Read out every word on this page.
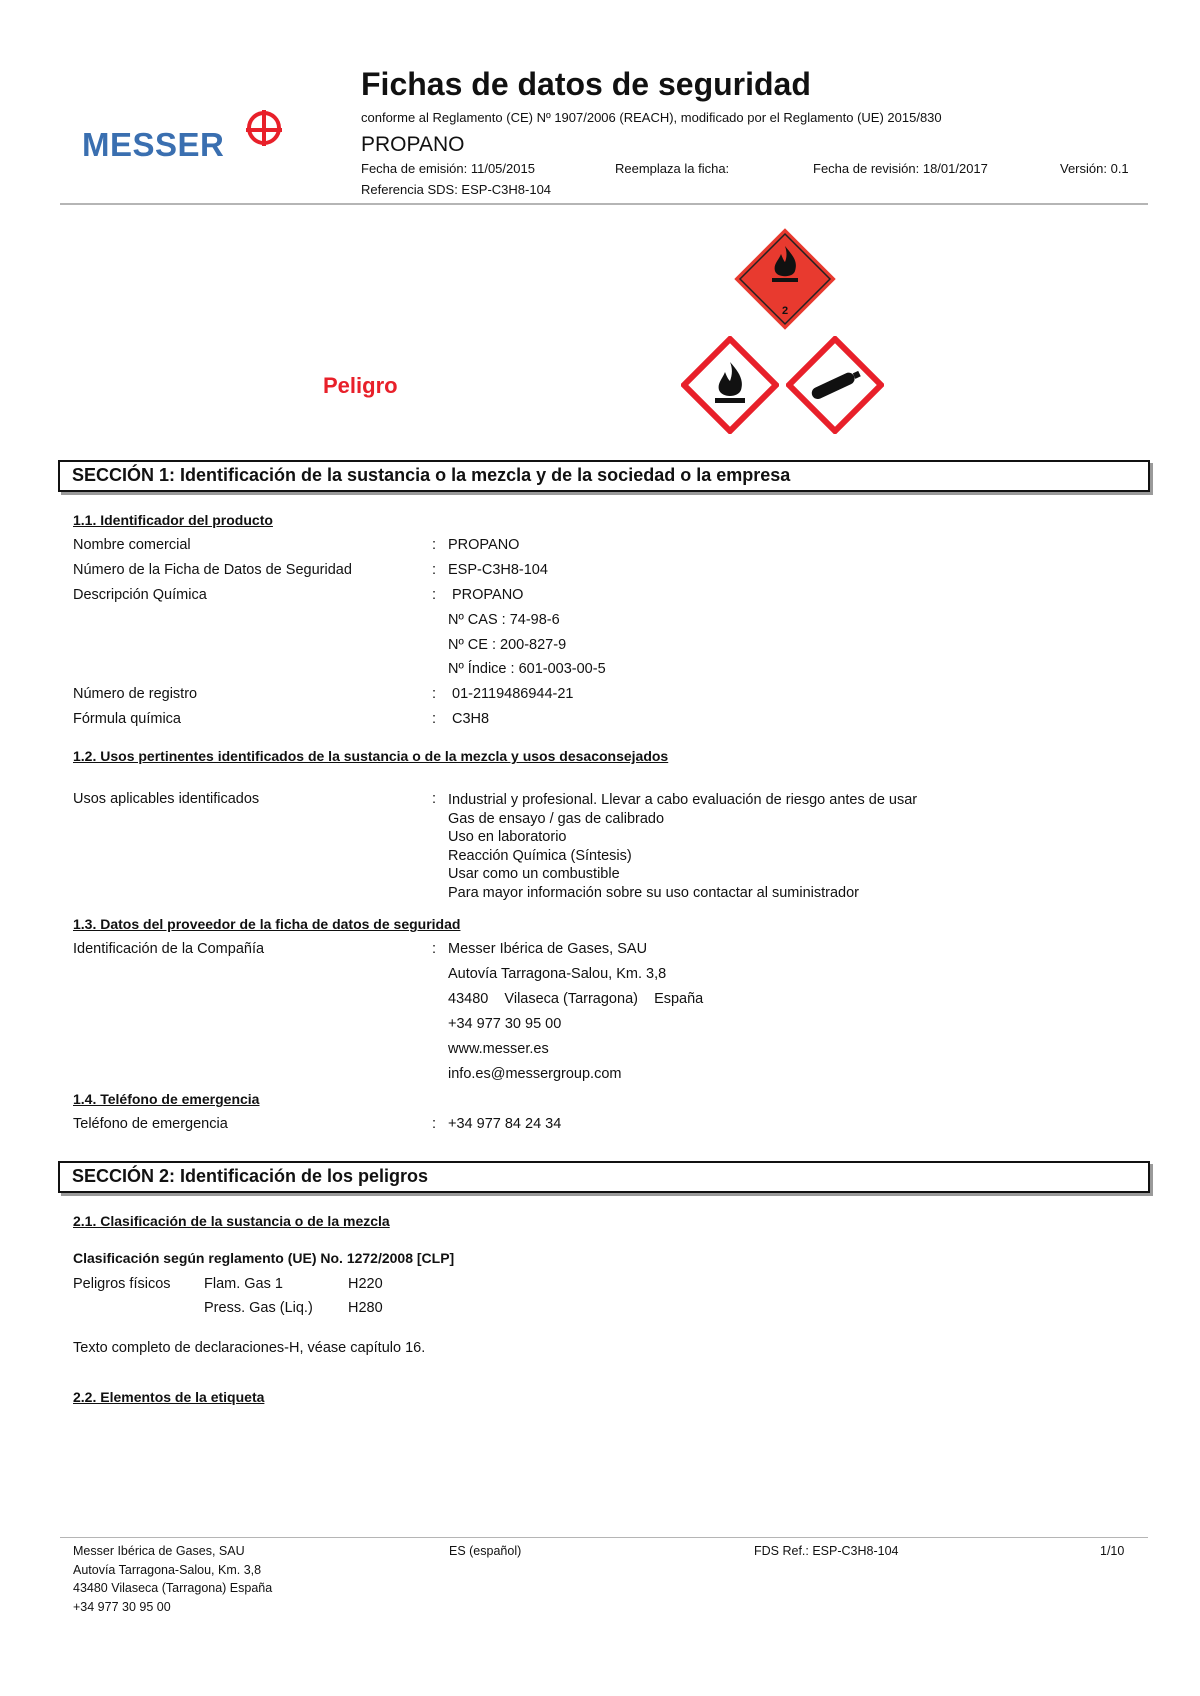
MESSER
Fichas de datos de seguridad
conforme al Reglamento (CE) Nº 1907/2006 (REACH), modificado por el Reglamento (UE) 2015/830
PROPANO
Fecha de emisión: 11/05/2015	Reemplaza la ficha:	Fecha de revisión: 18/01/2017	Versión: 0.1
Referencia SDS: ESP-C3H8-104
2
Peligro
SECCIÓN 1: Identificación de la sustancia o la mezcla y de la sociedad o la empresa
1.1. Identificador del producto
Nombre comercial	: PROPANO
Número de la Ficha de Datos de Seguridad	: ESP-C3H8-104
Descripción Química	: PROPANO
Nº CAS : 74-98-6
Nº CE : 200-827-9
Nº Índice : 601-003-00-5
Número de registro	: 01-2119486944-21
Fórmula química	: C3H8
1.2. Usos pertinentes identificados de la sustancia o de la mezcla y usos desaconsejados
Usos aplicables identificados	: Industrial y profesional. Llevar a cabo evaluación de riesgo antes de usar
Gas de ensayo / gas de calibrado
Uso en laboratorio
Reacción Química (Síntesis)
Usar como un combustible
Para mayor información sobre su uso contactar al suministrador
1.3. Datos del proveedor de la ficha de datos de seguridad
Identificación de la Compañía	: Messer Ibérica de Gases, SAU
Autovía Tarragona-Salou, Km. 3,8
43480    Vilaseca (Tarragona)    España
+34 977 30 95 00
www.messer.es
info.es@messergroup.com
1.4. Teléfono de emergencia
Teléfono de emergencia	: +34 977 84 24 34
SECCIÓN 2: Identificación de los peligros
2.1. Clasificación de la sustancia o de la mezcla
Clasificación según reglamento (UE) No. 1272/2008 [CLP]
Peligros físicos Flam. Gas 1	H220
Press. Gas (Liq.) H280
Texto completo de declaraciones-H, véase capítulo 16.
2.2. Elementos de la etiqueta
Messer Ibérica de Gases, SAU
Autovía Tarragona-Salou, Km. 3,8
43480 Vilaseca (Tarragona) España
+34 977 30 95 00
ES (español)	FDS Ref.: ESP-C3H8-104	1/10
